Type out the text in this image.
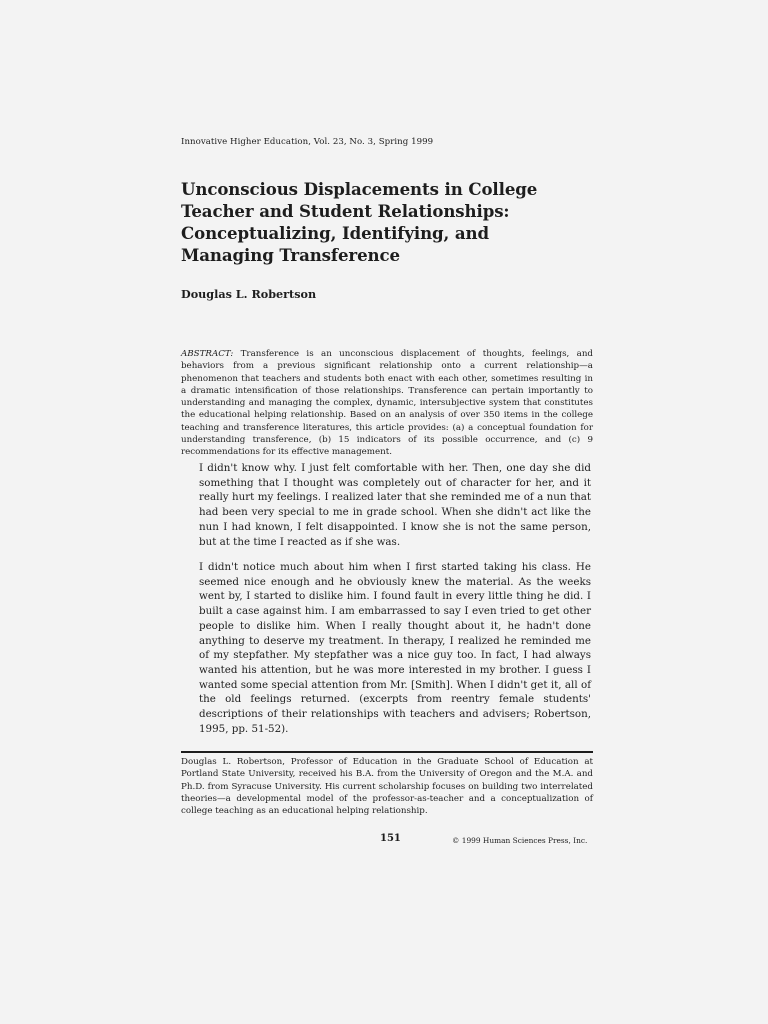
Innovative Higher Education, Vol. 23, No. 3, Spring 1999
Unconscious Displacements in College
Teacher and Student Relationships:
Conceptualizing, Identifying, and
Managing Transference
Douglas L. Robertson
ABSTRACT: Transference is an unconscious displacement of thoughts, feelings, and behaviors from a previous significant relationship onto a current relationship—a phenomenon that teachers and students both enact with each other, sometimes resulting in a dramatic intensification of those relationships. Transference can pertain importantly to understanding and managing the complex, dynamic, intersubjective system that constitutes the educational helping relationship. Based on an analysis of over 350 items in the college teaching and transference literatures, this article provides: (a) a conceptual foundation for understanding transference, (b) 15 indicators of its possible occurrence, and (c) 9 recommendations for its effective management.
I didn't know why. I just felt comfortable with her. Then, one day she did something that I thought was completely out of character for her, and it really hurt my feelings. I realized later that she reminded me of a nun that had been very special to me in grade school. When she didn't act like the nun I had known, I felt disappointed. I know she is not the same person, but at the time I reacted as if she was.
I didn't notice much about him when I first started taking his class. He seemed nice enough and he obviously knew the material. As the weeks went by, I started to dislike him. I found fault in every little thing he did. I built a case against him. I am embarrassed to say I even tried to get other people to dislike him. When I really thought about it, he hadn't done anything to deserve my treatment. In therapy, I realized he reminded me of my stepfather. My stepfather was a nice guy too. In fact, I had always wanted his attention, but he was more interested in my brother. I guess I wanted some special attention from Mr. [Smith]. When I didn't get it, all of the old feelings returned. (excerpts from reentry female students' descriptions of their relationships with teachers and advisers; Robertson, 1995, pp. 51-52).
Douglas L. Robertson, Professor of Education in the Graduate School of Education at Portland State University, received his B.A. from the University of Oregon and the M.A. and Ph.D. from Syracuse University. His current scholarship focuses on building two interrelated theories—a developmental model of the professor-as-teacher and a conceptualization of college teaching as an educational helping relationship.
151	© 1999 Human Sciences Press, Inc.
